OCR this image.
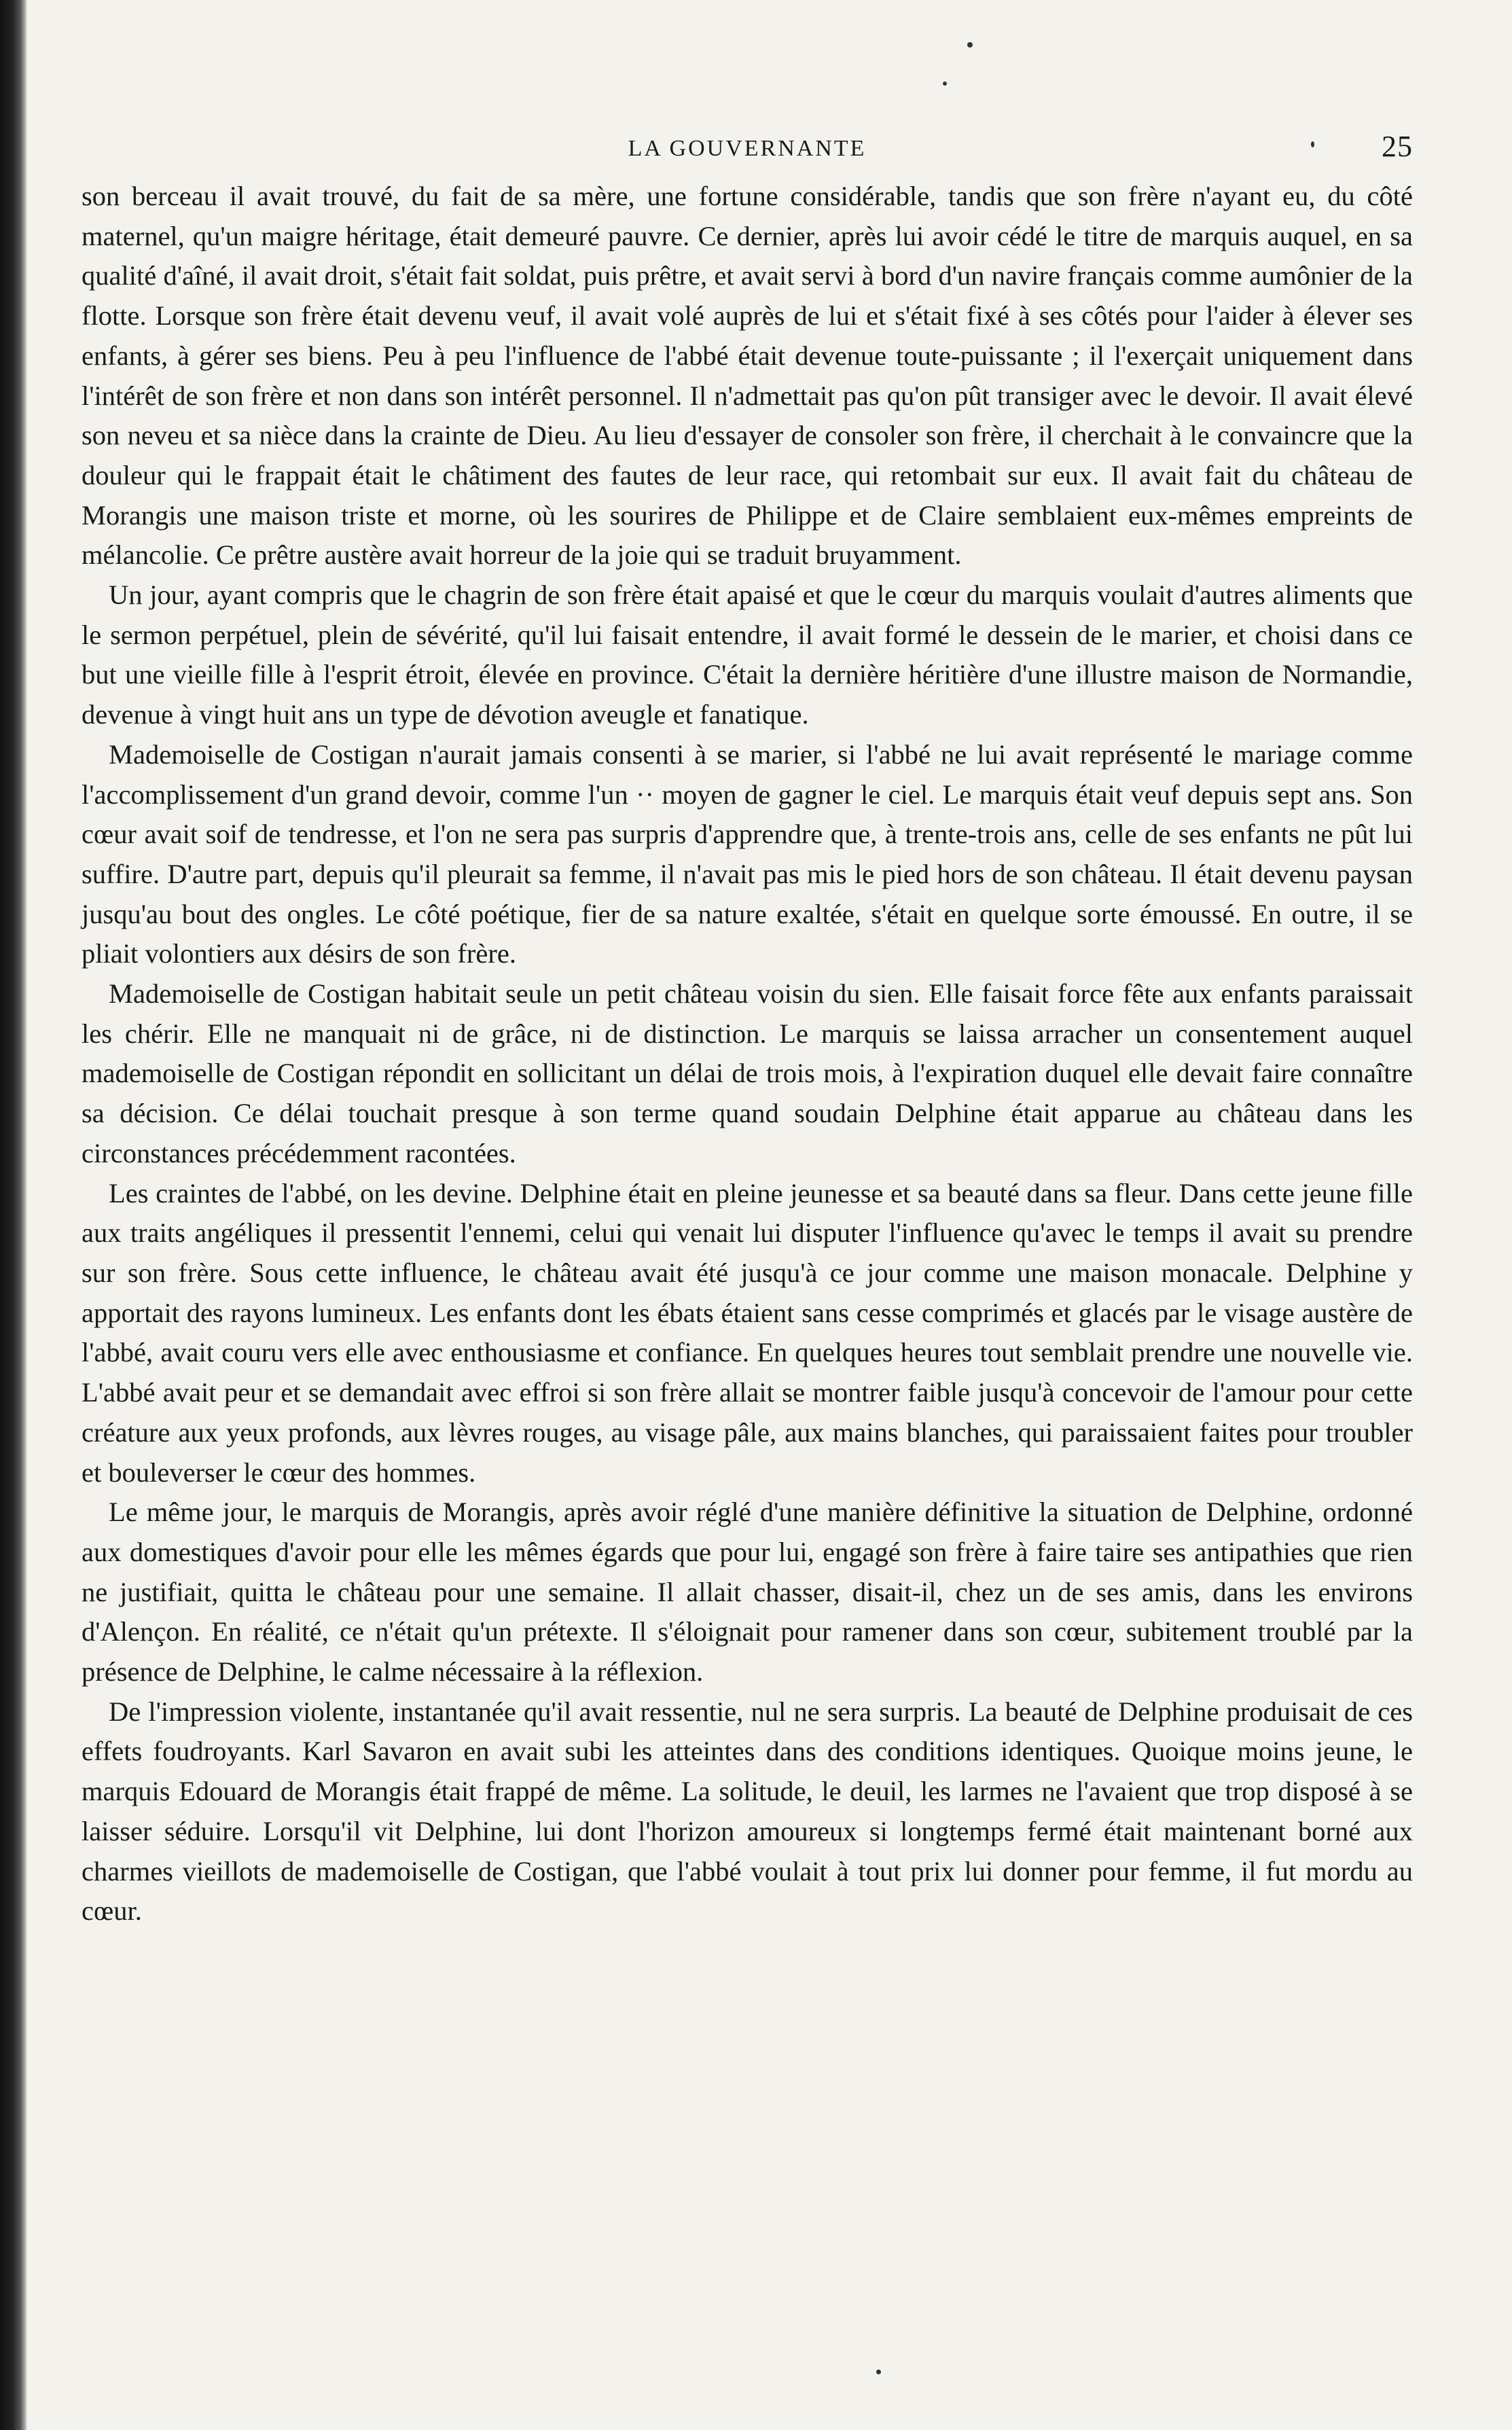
LA GOUVERNANTE	25

son berceau il avait trouvé, du fait de sa mère, une fortune considérable, tandis que son frère n'ayant eu, du côté maternel, qu'un maigre héritage, était demeuré pauvre. Ce dernier, après lui avoir cédé le titre de marquis auquel, en sa qualité d'aîné, il avait droit, s'était fait soldat, puis prêtre, et avait servi à bord d'un navire français comme aumônier de la flotte. Lorsque son frère était devenu veuf, il avait volé auprès de lui et s'était fixé à ses côtés pour l'aider à élever ses enfants, à gérer ses biens. Peu à peu l'influence de l'abbé était devenue toute-puissante ; il l'exerçait uniquement dans l'intérêt de son frère et non dans son intérêt personnel. Il n'admettait pas qu'on pût transiger avec le devoir. Il avait élevé son neveu et sa nièce dans la crainte de Dieu. Au lieu d'essayer de consoler son frère, il cherchait à le convaincre que la douleur qui le frappait était le châtiment des fautes de leur race, qui retombait sur eux. Il avait fait du château de Morangis une maison triste et morne, où les sourires de Philippe et de Claire semblaient eux-mêmes empreints de mélancolie. Ce prêtre austère avait horreur de la joie qui se traduit bruyamment.

Un jour, ayant compris que le chagrin de son frère était apaisé et que le cœur du marquis voulait d'autres aliments que le sermon perpétuel, plein de sévérité, qu'il lui faisait entendre, il avait formé le dessein de le marier, et choisi dans ce but une vieille fille à l'esprit étroit, élevée en province. C'était la dernière héritière d'une illustre maison de Normandie, devenue à vingt huit ans un type de dévotion aveugle et fanatique.

Mademoiselle de Costigan n'aurait jamais consenti à se marier, si l'abbé ne lui avait représenté le mariage comme l'accomplissement d'un grand devoir, comme l'un ·· moyen de gagner le ciel. Le marquis était veuf depuis sept ans. Son cœur avait soif de tendresse, et l'on ne sera pas surpris d'apprendre que, à trente-trois ans, celle de ses enfants ne pût lui suffire. D'autre part, depuis qu'il pleurait sa femme, il n'avait pas mis le pied hors de son château. Il était devenu paysan jusqu'au bout des ongles. Le côté poétique, fier de sa nature exaltée, s'était en quelque sorte émoussé. En outre, il se pliait volontiers aux désirs de son frère.

Mademoiselle de Costigan habitait seule un petit château voisin du sien. Elle faisait force fête aux enfants paraissait les chérir. Elle ne manquait ni de grâce, ni de distinction. Le marquis se laissa arracher un consentement auquel mademoiselle de Costigan répondit en sollicitant un délai de trois mois, à l'expiration duquel elle devait faire connaître sa décision. Ce délai touchait presque à son terme quand soudain Delphine était apparue au château dans les circonstances précédemment racontées.

Les craintes de l'abbé, on les devine. Delphine était en pleine jeunesse et sa beauté dans sa fleur. Dans cette jeune fille aux traits angéliques il pressentit l'ennemi, celui qui venait lui disputer l'influence qu'avec le temps il avait su prendre sur son frère. Sous cette influence, le château avait été jusqu'à ce jour comme une maison monacale. Delphine y apportait des rayons lumineux. Les enfants dont les ébats étaient sans cesse comprimés et glacés par le visage austère de l'abbé, avait couru vers elle avec enthousiasme et confiance. En quelques heures tout semblait prendre une nouvelle vie. L'abbé avait peur et se demandait avec effroi si son frère allait se montrer faible jusqu'à concevoir de l'amour pour cette créature aux yeux profonds, aux lèvres rouges, au visage pâle, aux mains blanches, qui paraissaient faites pour troubler et bouleverser le cœur des hommes.

Le même jour, le marquis de Morangis, après avoir réglé d'une manière définitive la situation de Delphine, ordonné aux domestiques d'avoir pour elle les mêmes égards que pour lui, engagé son frère à faire taire ses antipathies que rien ne justifiait, quitta le château pour une semaine. Il allait chasser, disait-il, chez un de ses amis, dans les environs d'Alençon. En réalité, ce n'était qu'un prétexte. Il s'éloignait pour ramener dans son cœur, subitement troublé par la présence de Delphine, le calme nécessaire à la réflexion.

De l'impression violente, instantanée qu'il avait ressentie, nul ne sera surpris. La beauté de Delphine produisait de ces effets foudroyants. Karl Savaron en avait subi les atteintes dans des conditions identiques. Quoique moins jeune, le marquis Edouard de Morangis était frappé de même. La solitude, le deuil, les larmes ne l'avaient que trop disposé à se laisser séduire. Lorsqu'il vit Delphine, lui dont l'horizon amoureux si longtemps fermé était maintenant borné aux charmes vieillots de mademoiselle de Costigan, que l'abbé voulait à tout prix lui donner pour femme, il fut mordu au cœur.
